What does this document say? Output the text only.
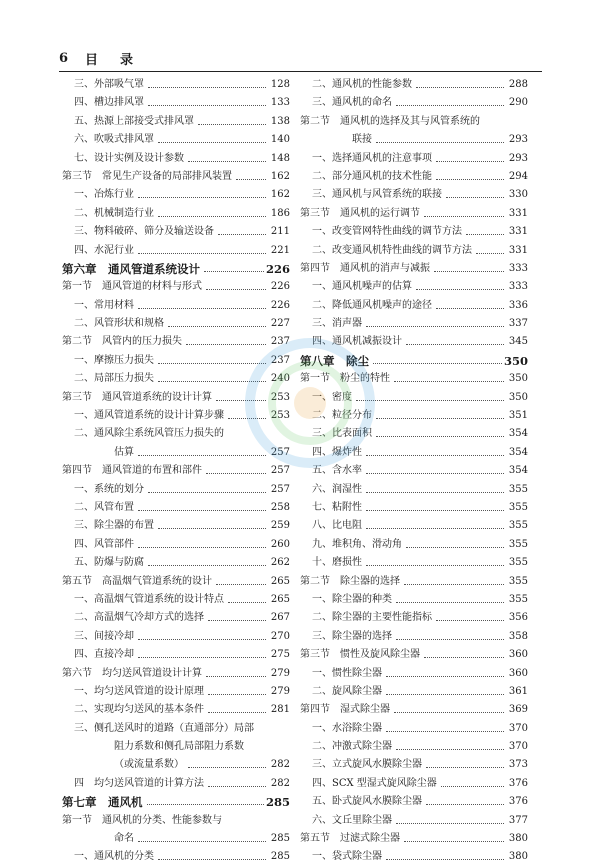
6 目录
三、外部吸气罩	128
四、槽边排风罩	133
五、热源上部接受式排风罩	138
六、吹吸式排风罩	140
七、设计实例及设计参数	148
第三节　常见生产设备的局部排风装置	162
一、冶炼行业	162
二、机械制造行业	186
三、物料破碎、筛分及输送设备	211
四、水泥行业	221
第六章　通风管道系统设计	226
第一节　通风管道的材料与形式	226
一、常用材料	226
二、风管形状和规格	227
第二节　风管内的压力损失	237
一、摩擦压力损失	237
二、局部压力损失	240
第三节　通风管道系统的设计计算	253
一、通风管道系统的设计计算步骤	253
二、通风除尘系统风管压力损失的
估算	257
第四节　通风管道的布置和部件	257
一、系统的划分	257
二、风管布置	258
三、除尘器的布置	259
四、风管部件	260
五、防爆与防腐	262
第五节　高温烟气管道系统的设计	265
一、高温烟气管道系统的设计特点	265
二、高温烟气冷却方式的选择	267
三、间接冷却	270
四、直接冷却	275
第六节　均匀送风管道设计计算	279
一、均匀送风管道的设计原理	279
二、实现均匀送风的基本条件	281
三、侧孔送风时的道路（直通部分）局部
阻力系数和侧孔局部阻力系数
（或流量系数）	282
四　均匀送风管道的计算方法	282
第七章　通风机	285
第一节　通风机的分类、性能参数与
命名	285
一、通风机的分类	285
二、通风机的性能参数	288
三、通风机的命名	290
第二节　通风机的选择及其与风管系统的
联接	293
一、选择通风机的注意事项	293
二、部分通风机的技术性能	294
三、通风机与风管系统的联接	330
第三节　通风机的运行调节	331
一、改变管网特性曲线的调节方法	331
二、改变通风机特性曲线的调节方法	331
第四节　通风机的消声与减振	333
一、通风机噪声的估算	333
二、降低通风机噪声的途径	336
三、消声器	337
四、通风机减振设计	345
第八章　除尘	350
第一节　粉尘的特性	350
一、密度	350
二、粒径分布	351
三、比表面积	354
四、爆炸性	354
五、含水率	354
六、润湿性	355
七、粘附性	355
八、比电阻	355
九、堆积角、滑动角	355
十、磨损性	355
第二节　除尘器的选择	355
一、除尘器的种类	355
二、除尘器的主要性能指标	356
三、除尘器的选择	358
第三节　惯性及旋风除尘器	360
一、惯性除尘器	360
二、旋风除尘器	361
第四节　湿式除尘器	369
一、水浴除尘器	370
二、冲激式除尘器	370
三、立式旋风水膜除尘器	373
四、SCX 型湿式旋风除尘器	376
五、卧式旋风水膜除尘器	376
六、文丘里除尘器	377
第五节　过滤式除尘器	380
一、袋式除尘器	380
